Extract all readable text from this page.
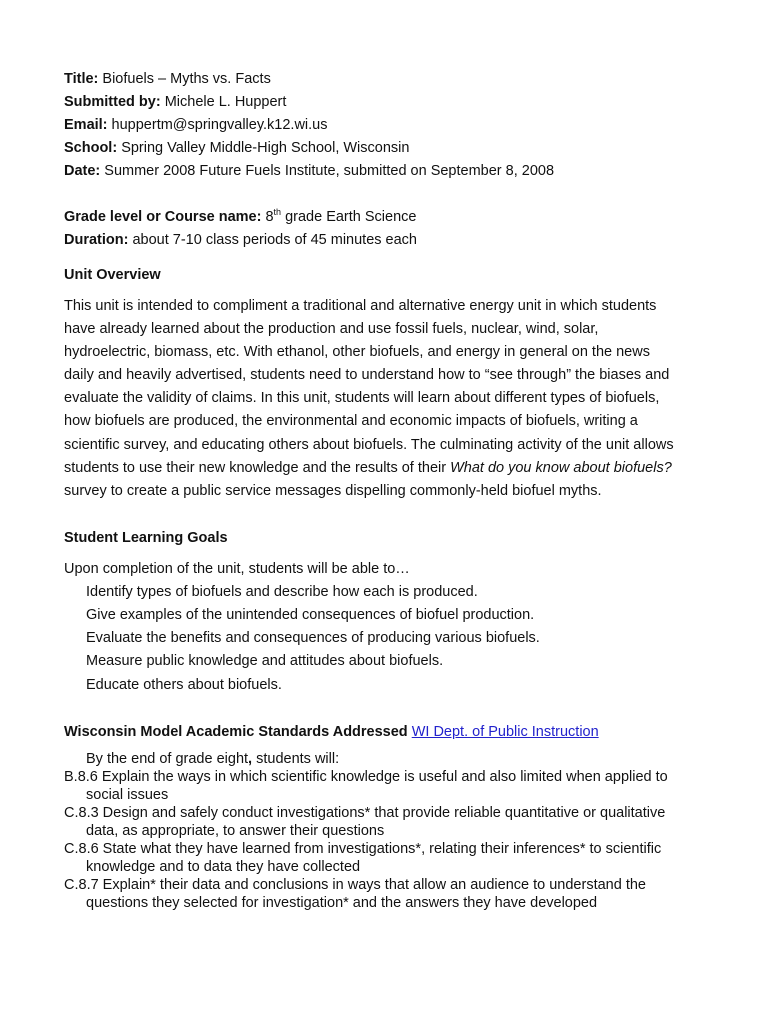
Title: Biofuels – Myths vs. Facts
Submitted by: Michele L. Huppert
Email: huppertm@springvalley.k12.wi.us
School: Spring Valley Middle-High School, Wisconsin
Date: Summer 2008 Future Fuels Institute, submitted on September 8, 2008
Grade level or Course name: 8th grade Earth Science
Duration: about 7-10 class periods of 45 minutes each
Unit Overview
This unit is intended to compliment a traditional and alternative energy unit in which students
have already learned about the production and use fossil fuels, nuclear, wind, solar,
hydroelectric, biomass, etc. With ethanol, other biofuels, and energy in general on the news
daily and heavily advertised, students need to understand how to “see through” the biases and
evaluate the validity of claims. In this unit, students will learn about different types of biofuels,
how biofuels are produced, the environmental and economic impacts of biofuels, writing a
scientific survey, and educating others about biofuels. The culminating activity of the unit allows
students to use their new knowledge and the results of their What do you know about biofuels?
survey to create a public service messages dispelling commonly-held biofuel myths.
Student Learning Goals
Upon completion of the unit, students will be able to…
Identify types of biofuels and describe how each is produced.
Give examples of the unintended consequences of biofuel production.
Evaluate the benefits and consequences of producing various biofuels.
Measure public knowledge and attitudes about biofuels.
Educate others about biofuels.
Wisconsin Model Academic Standards Addressed WI Dept. of Public Instruction
By the end of grade eight, students will:
B.8.6 Explain the ways in which scientific knowledge is useful and also limited when applied to
social issues
C.8.3 Design and safely conduct investigations* that provide reliable quantitative or qualitative
data, as appropriate, to answer their questions
C.8.6 State what they have learned from investigations*, relating their inferences* to scientific
knowledge and to data they have collected
C.8.7 Explain* their data and conclusions in ways that allow an audience to understand the
questions they selected for investigation* and the answers they have developed
